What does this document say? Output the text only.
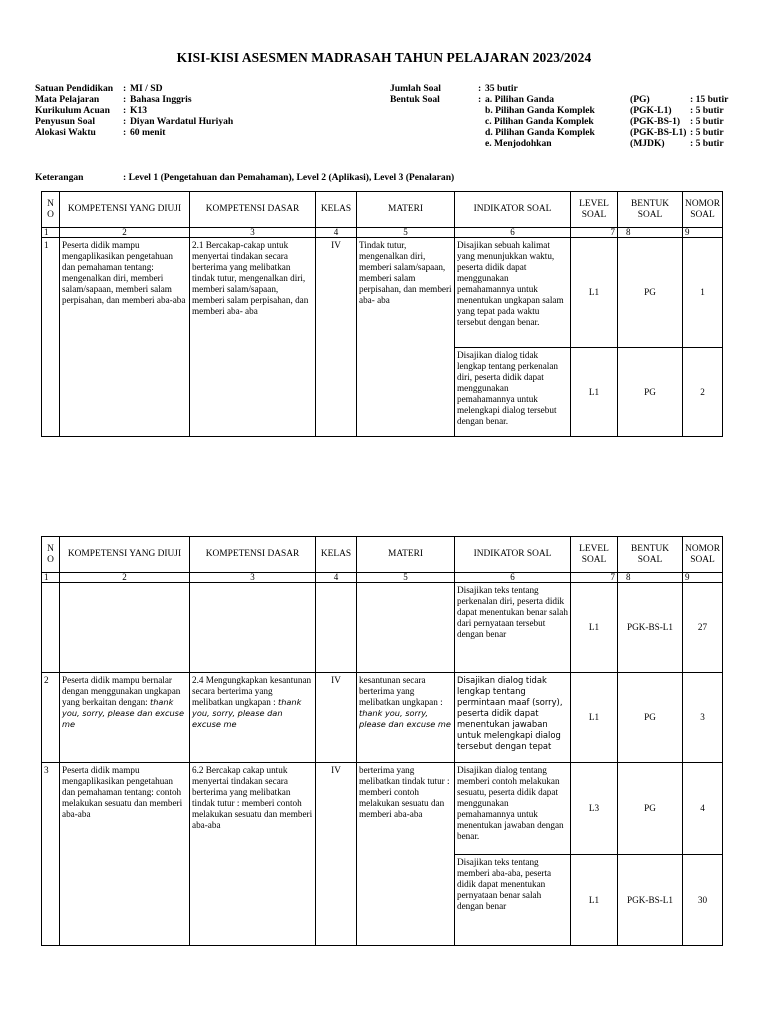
KISI-KISI ASESMEN MADRASAH TAHUN PELAJARAN 2023/2024
Satuan Pendidikan	: MI / SD
Mata Pelajaran	: Bahasa Inggris
Kurikulum Acuan	: K13
Penyusun Soal	: Diyan Wardatul Huriyah
Alokasi Waktu	: 60 menit
Jumlah Soal	: 35 butir
Bentuk Soal	: a. Pilihan Ganda	(PG)	: 15 butir
b. Pilihan Ganda Komplek	(PGK-L1)	: 5 butir
c. Pilihan Ganda Komplek	(PGK-BS-1)	: 5 butir
d. Pilihan Ganda Komplek	(PGK-BS-L1) : 5 butir
e. Menjodohkan	(MJDK)	: 5 butir
Keterangan	: Level 1 (Pengetahuan dan Pemahaman), Level 2 (Aplikasi), Level 3 (Penalaran)
N O	KOMPETENSI YANG DIUJI	KOMPETENSI DASAR	KELAS	MATERI	INDIKATOR SOAL	LEVEL SOAL	BENTUK SOAL	NOMOR SOAL
1	2	3	4	5	6	7	8	9
1	Peserta didik mampu mengaplikasikan pengetahuan dan pemahaman tentang: mengenalkan diri, memberi salam/sapaan, memberi salam perpisahan, dan memberi aba-aba	2.1 Bercakap-cakap untuk menyertai tindakan secara berterima yang melibatkan tindak tutur, mengenalkan diri, memberi salam/sapaan, memberi salam perpisahan, dan memberi aba- aba	IV	Tindak tutur, mengenalkan diri, memberi salam/sapaan, memberi salam perpisahan, dan memberi aba- aba	Disajikan sebuah kalimat yang menunjukkan waktu, peserta didik dapat menggunakan pemahamannya untuk menentukan ungkapan salam yang tepat pada waktu tersebut dengan benar.	L1	PG	1
					Disajikan dialog tidak lengkap tentang perkenalan diri, peserta didik dapat menggunakan pemahamannya untuk melengkapi dialog tersebut dengan benar.	L1	PG	2
N O	KOMPETENSI YANG DIUJI	KOMPETENSI DASAR	KELAS	MATERI	INDIKATOR SOAL	LEVEL SOAL	BENTUK SOAL	NOMOR SOAL
1	2	3	4	5	6	7	8	9
					Disajikan teks tentang perkenalan diri, peserta didik dapat menentukan benar salah dari pernyataan tersebut dengan benar	L1	PGK-BS-L1	27
2	Peserta didik mampu bernalar dengan menggunakan ungkapan yang berkaitan dengan: thank you, sorry, please dan excuse me	2.4 Mengungkapkan kesantunan secara berterima yang melibatkan ungkapan : thank you, sorry, please dan excuse me	IV	kesantunan secara berterima yang melibatkan ungkapan : thank you, sorry, please dan excuse me	Disajikan dialog tidak lengkap tentang permintaan maaf (sorry), peserta didik dapat menentukan jawaban untuk melengkapi dialog tersebut dengan tepat	L1	PG	3
3	Peserta didik mampu mengaplikasikan pengetahuan dan pemahaman tentang: contoh melakukan sesuatu dan memberi aba-aba	6.2 Bercakap cakap untuk menyertai tindakan secara berterima yang melibatkan tindak tutur : memberi contoh melakukan sesuatu dan memberi aba-aba	IV	berterima yang melibatkan tindak tutur : memberi contoh melakukan sesuatu dan memberi aba-aba	Disajikan dialog tentang memberi contoh melakukan sesuatu, peserta didik dapat menggunakan pemahamannya untuk menentukan jawaban dengan benar.	L3	PG	4
					Disajikan teks tentang memberi aba-aba, peserta didik dapat menentukan pernyataan benar salah dengan benar	L1	PGK-BS-L1	30
